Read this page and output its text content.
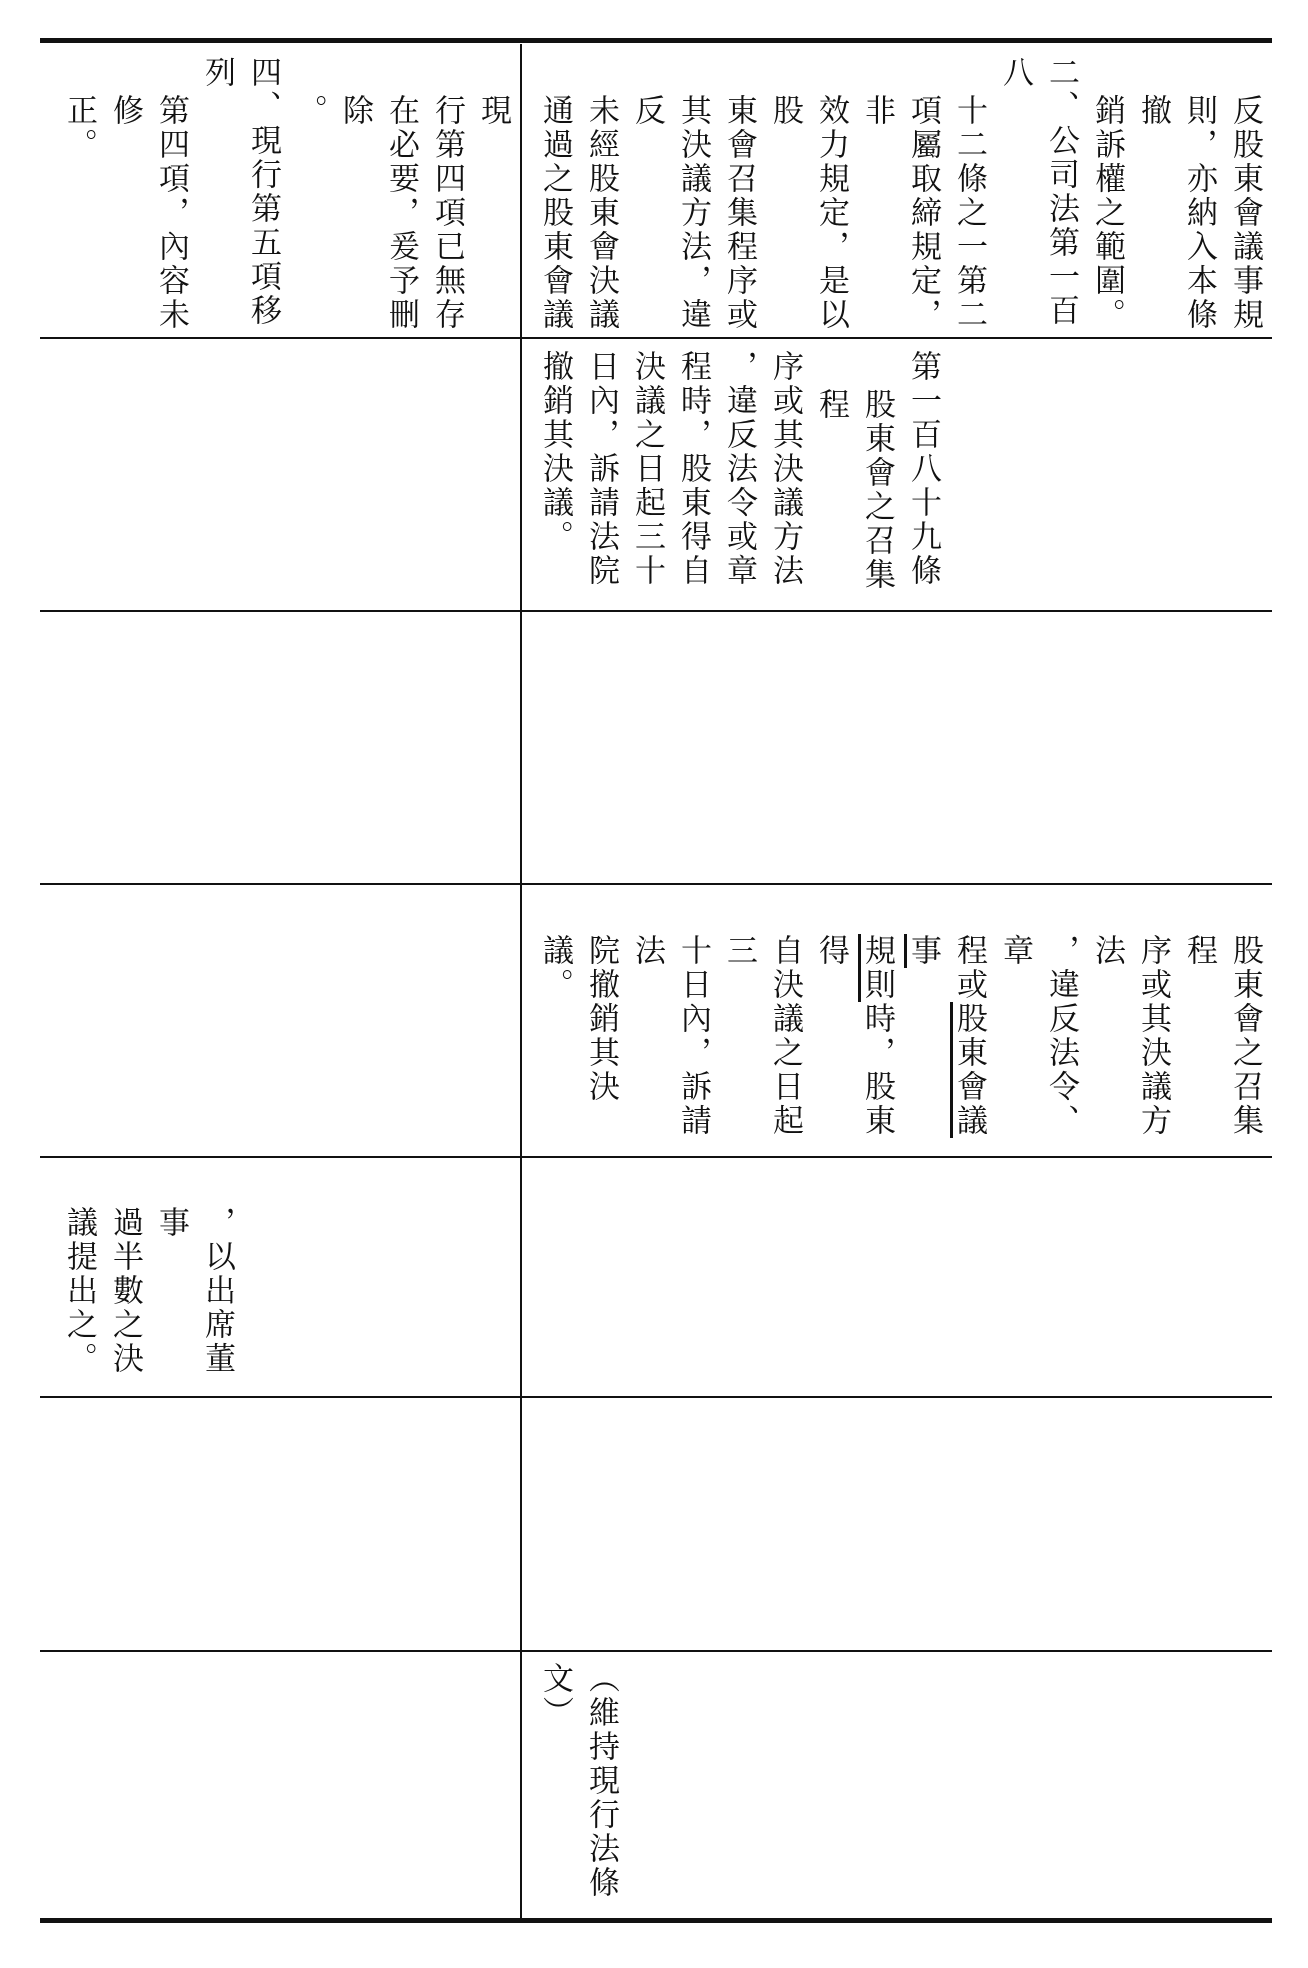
現

行第四項已無存

在必要，爰予刪除

。

四、現行第五項移列

第四項，內容未修

正。

，以出席董事

過半數之決

議提出之。

反股東會議事規

則，亦納入本條撤

銷訴權之範圍。

二、公司法第一百八

十二條之一第二

項屬取締規定，非

效力規定，是以股

東會召集程序或

其決議方法，違反

未經股東會決議

通過之股東會議

第一百八十九條

股東會之召集程

序或其決議方法

，違反法令或章

程時，股東得自

決議之日起三十

日內，訴請法院

撤銷其決議。

股東會之召集程

序或其決議方法

，違反法令、章

程或股東會議事

規則時，股東得

自決議之日起三

十日內，訴請法

院撤銷其決議。

（維持現行法條文）
